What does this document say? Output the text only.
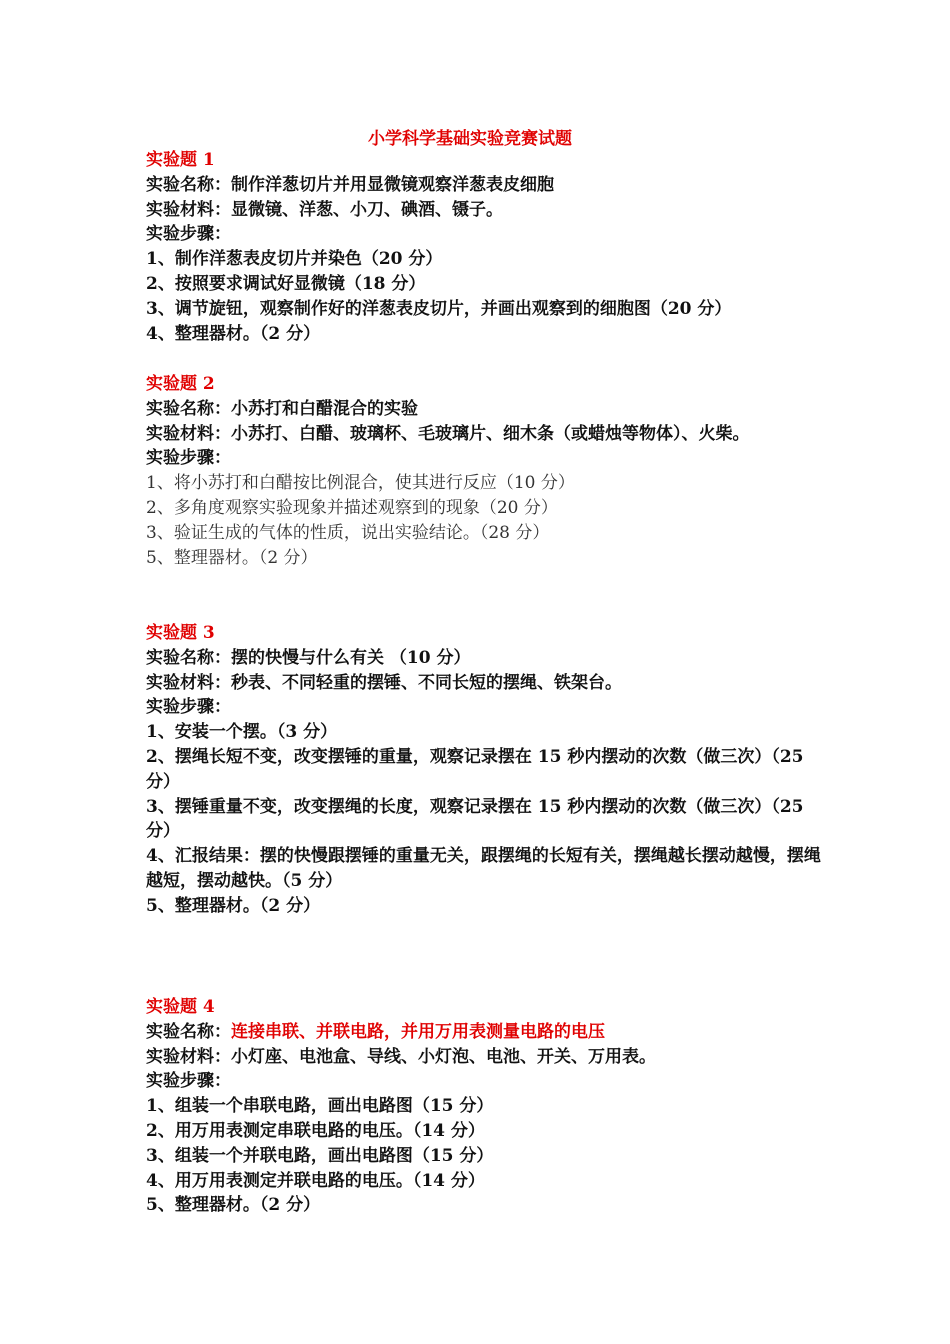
小学科学基础实验竞赛试题
实验题 1
实验名称：制作洋葱切片并用显微镜观察洋葱表皮细胞
实验材料：显微镜、洋葱、小刀、碘酒、镊子。
实验步骤：
1、制作洋葱表皮切片并染色（20 分）
2、按照要求调试好显微镜（18 分）
3、调节旋钮，观察制作好的洋葱表皮切片，并画出观察到的细胞图（20 分）
4、整理器材。（2 分）
实验题 2
实验名称：小苏打和白醋混合的实验
实验材料：小苏打、白醋、玻璃杯、毛玻璃片、细木条（或蜡烛等物体）、火柴。
实验步骤：
1、将小苏打和白醋按比例混合，使其进行反应（10 分）
2、多角度观察实验现象并描述观察到的现象（20 分）
3、验证生成的气体的性质，说出实验结论。（28 分）
5、整理器材。（2 分）
实验题 3
实验名称：摆的快慢与什么有关 （10 分）
实验材料：秒表、不同轻重的摆锤、不同长短的摆绳、铁架台。
实验步骤：
1、安装一个摆。（3 分）
2、摆绳长短不变，改变摆锤的重量，观察记录摆在 15 秒内摆动的次数（做三次）（25 分）
3、摆锤重量不变，改变摆绳的长度，观察记录摆在 15 秒内摆动的次数（做三次）（25 分）
4、汇报结果：摆的快慢跟摆锤的重量无关，跟摆绳的长短有关，摆绳越长摆动越慢，摆绳越短，摆动越快。（5 分）
5、整理器材。（2 分）
实验题 4
实验名称：连接串联、并联电路，并用万用表测量电路的电压
实验材料：小灯座、电池盒、导线、小灯泡、电池、开关、万用表。
实验步骤：
1、组装一个串联电路，画出电路图（15 分）
2、用万用表测定串联电路的电压。（14 分）
3、组装一个并联电路，画出电路图（15 分）
4、用万用表测定并联电路的电压。（14 分）
5、整理器材。（2 分）
